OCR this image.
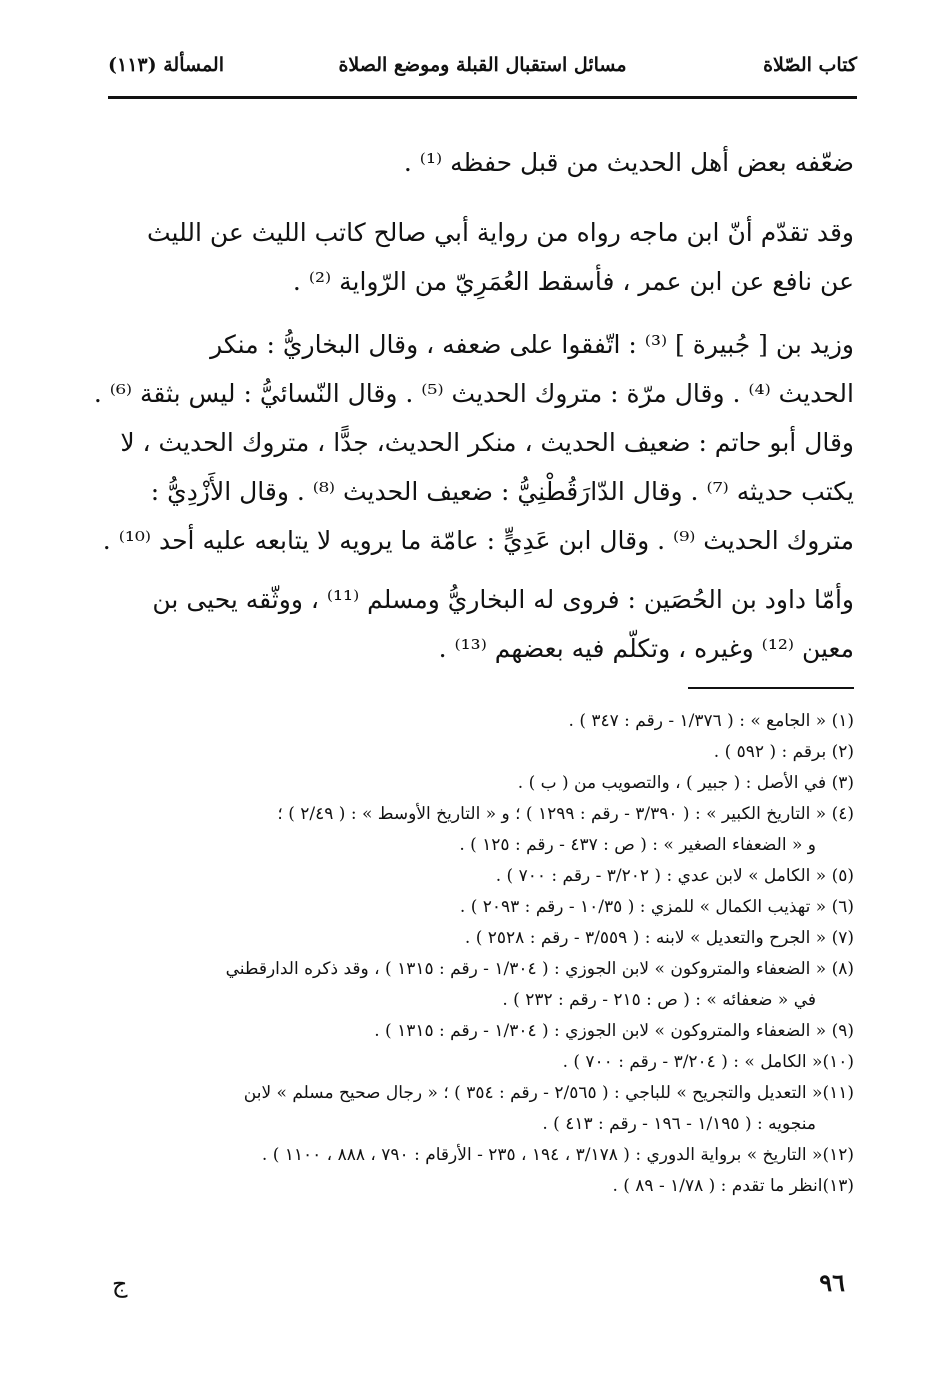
كتاب الصّلاة
مسائل استقبال القبلة وموضع الصلاة
المسألة (١١٣)
ضعّفه بعض أهل الحديث من قبل حفظه ⁽¹⁾ .
وقد تقدّم أنّ ابن ماجه رواه من رواية أبي صالح كاتب الليث عن الليث
عن نافع عن ابن عمر ، فأسقط العُمَرِيّ من الرّواية ⁽²⁾ .
وزيد بن [ جُبيرة ] ⁽³⁾ : اتّفقوا على ضعفه ، وقال البخاريُّ : منكر
الحديث ⁽⁴⁾ . وقال مرّة : متروك الحديث ⁽⁵⁾ . وقال النّسائيُّ : ليس بثقة ⁽⁶⁾ .
وقال أبو حاتم : ضعيف الحديث ، منكر الحديث، جدًّا ، متروك الحديث ، لا
يكتب حديثه ⁽⁷⁾ . وقال الدّارَقُطْنِيُّ : ضعيف الحديث ⁽⁸⁾ . وقال الأَزْدِيُّ :
متروك الحديث ⁽⁹⁾ . وقال ابن عَدِيٍّ : عامّة ما يرويه لا يتابعه عليه أحد ⁽¹⁰⁾ .
وأمّا داود بن الحُصَين : فروى له البخاريُّ ومسلم ⁽¹¹⁾ ، ووثّقه يحيى بن
معين ⁽¹²⁾ وغيره ، وتكلّم فيه بعضهم ⁽¹³⁾ .
(١) « الجامع » : ( ١/٣٧٦ - رقم : ٣٤٧ ) .
(٢) برقم : ( ٥٩٢ ) .
(٣) في الأصل : ( جبير ) ، والتصويب من ( ب ) .
(٤) « التاريخ الكبير » : ( ٣/٣٩٠ - رقم : ١٢٩٩ ) ؛ و « التاريخ الأوسط » : ( ٢/٤٩ ) ؛
و « الضعفاء الصغير » : ( ص : ٤٣٧ - رقم : ١٢٥ ) .
(٥) « الكامل » لابن عدي : ( ٣/٢٠٢ - رقم : ٧٠٠ ) .
(٦) « تهذيب الكمال » للمزي : ( ١٠/٣٥ - رقم : ٢٠٩٣ ) .
(٧) « الجرح والتعديل » لابنه : ( ٣/٥٥٩ - رقم : ٢٥٢٨ ) .
(٨) « الضعفاء والمتروكون » لابن الجوزي : ( ١/٣٠٤ - رقم : ١٣١٥ ) ، وقد ذكره الدارقطني
في « ضعفائه » : ( ص : ٢١٥ - رقم : ٢٣٢ ) .
(٩) « الضعفاء والمتروكون » لابن الجوزي : ( ١/٣٠٤ - رقم : ١٣١٥ ) .
(١٠)« الكامل » : ( ٣/٢٠٤ - رقم : ٧٠٠ ) .
(١١)« التعديل والتجريح » للباجي : ( ٢/٥٦٥ - رقم : ٣٥٤ ) ؛ « رجال صحيح مسلم » لابن
منجويه : ( ١/١٩٥ - ١٩٦ - رقم : ٤١٣ ) .
(١٢)« التاريخ » برواية الدوري : ( ٣/١٧٨ ، ١٩٤ ، ٢٣٥ - الأرقام : ٧٩٠ ، ٨٨٨ ، ١١٠٠ ) .
(١٣)انظر ما تقدم : ( ١/٧٨ - ٨٩ ) .
٩٦
ج
